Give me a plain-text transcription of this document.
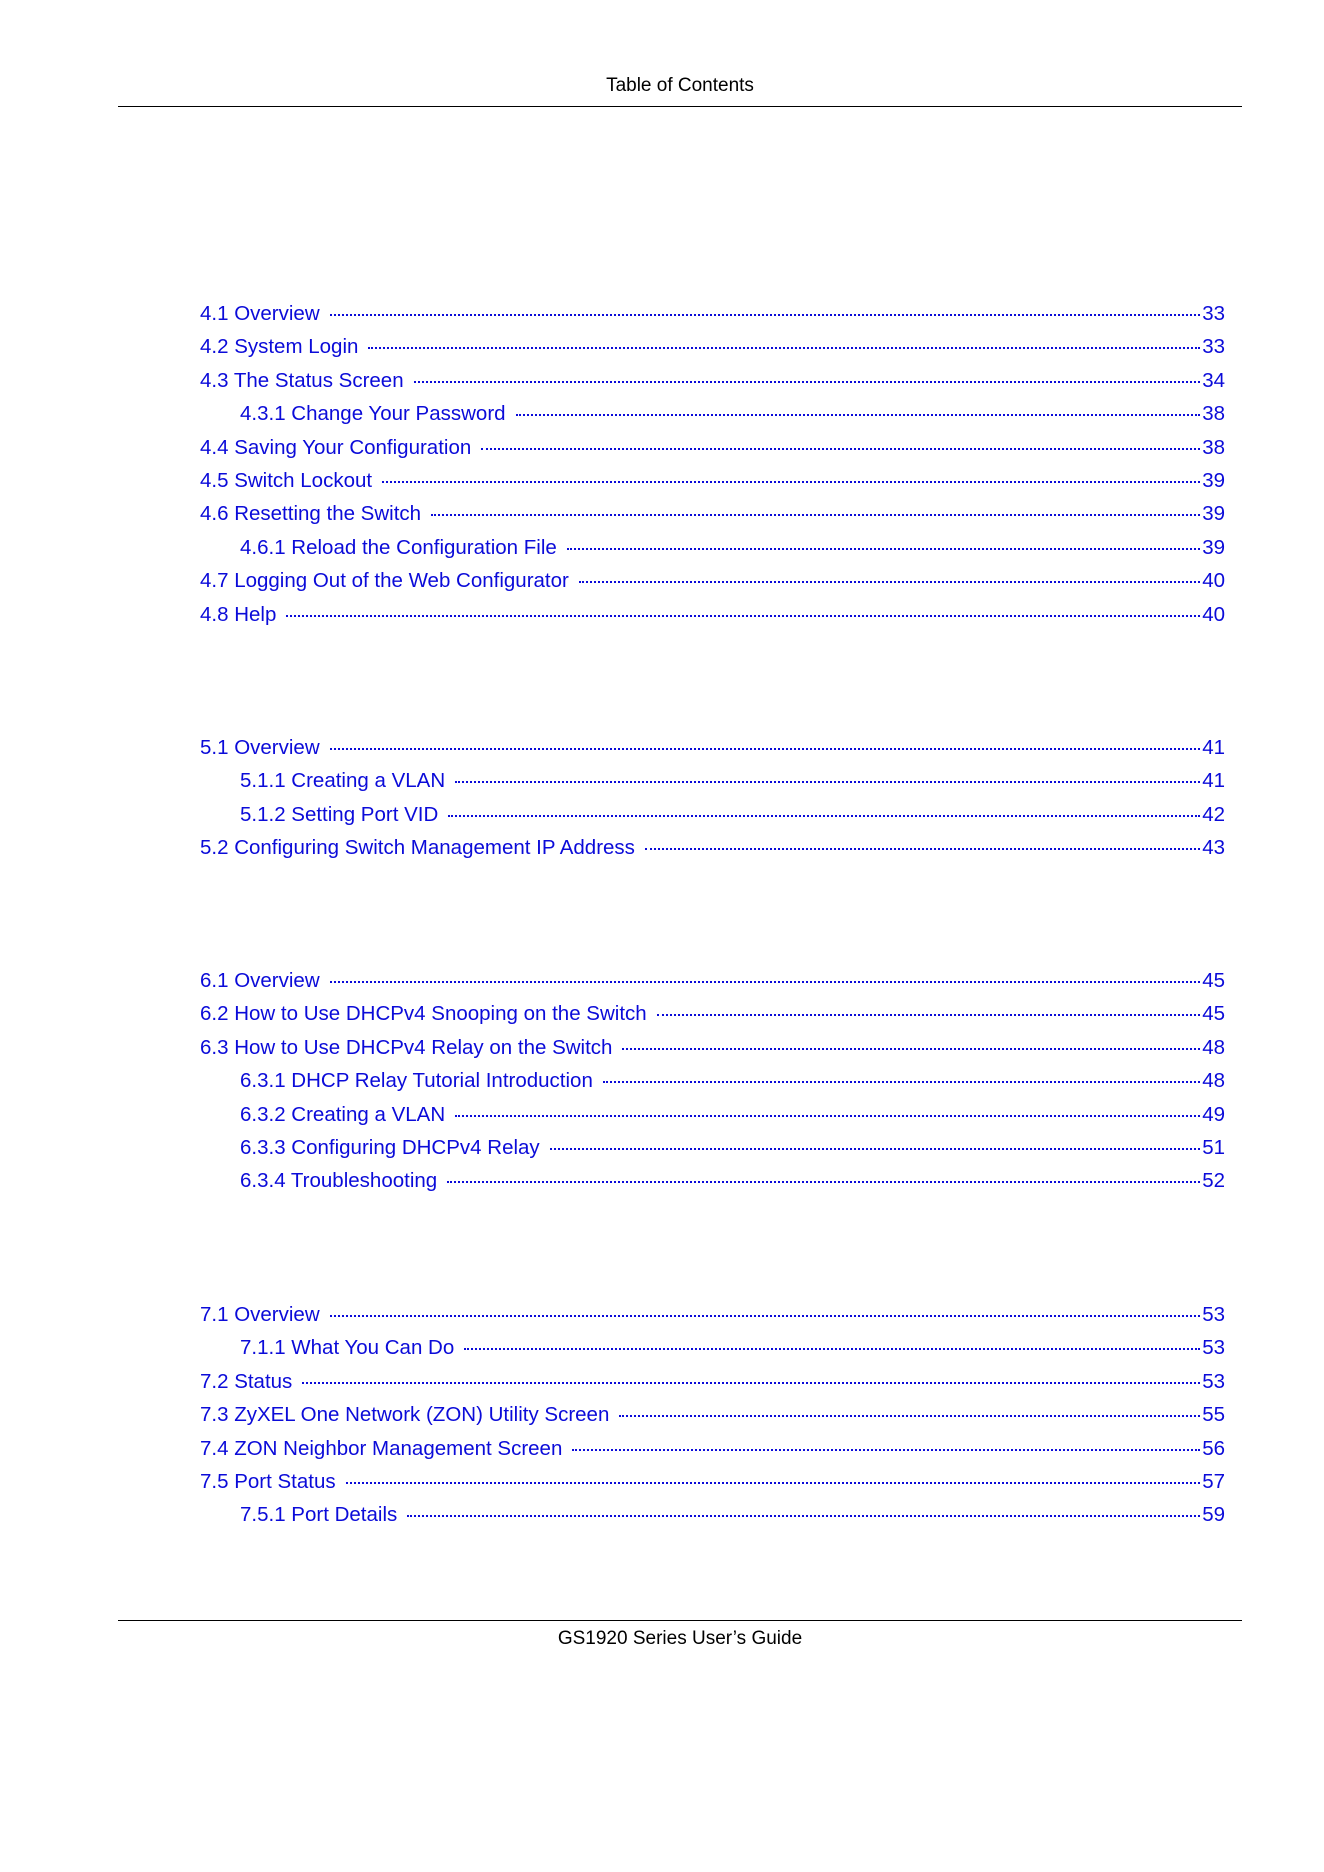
Table of Contents
4.1 Overview	33
4.2 System Login	33
4.3 The Status Screen	34
4.3.1 Change Your Password	38
4.4 Saving Your Configuration	38
4.5 Switch Lockout	39
4.6 Resetting the Switch	39
4.6.1 Reload the Configuration File	39
4.7 Logging Out of the Web Configurator	40
4.8 Help	40
5.1 Overview	41
5.1.1 Creating a VLAN	41
5.1.2 Setting Port VID	42
5.2 Configuring Switch Management IP Address	43
6.1 Overview	45
6.2 How to Use DHCPv4 Snooping on the Switch	45
6.3 How to Use DHCPv4 Relay on the Switch	48
6.3.1 DHCP Relay Tutorial Introduction	48
6.3.2 Creating a VLAN	49
6.3.3 Configuring DHCPv4 Relay	51
6.3.4 Troubleshooting	52
7.1 Overview	53
7.1.1 What You Can Do	53
7.2 Status	53
7.3 ZyXEL One Network (ZON) Utility Screen	55
7.4 ZON Neighbor Management Screen	56
7.5 Port Status	57
7.5.1 Port Details	59
GS1920 Series User’s Guide
